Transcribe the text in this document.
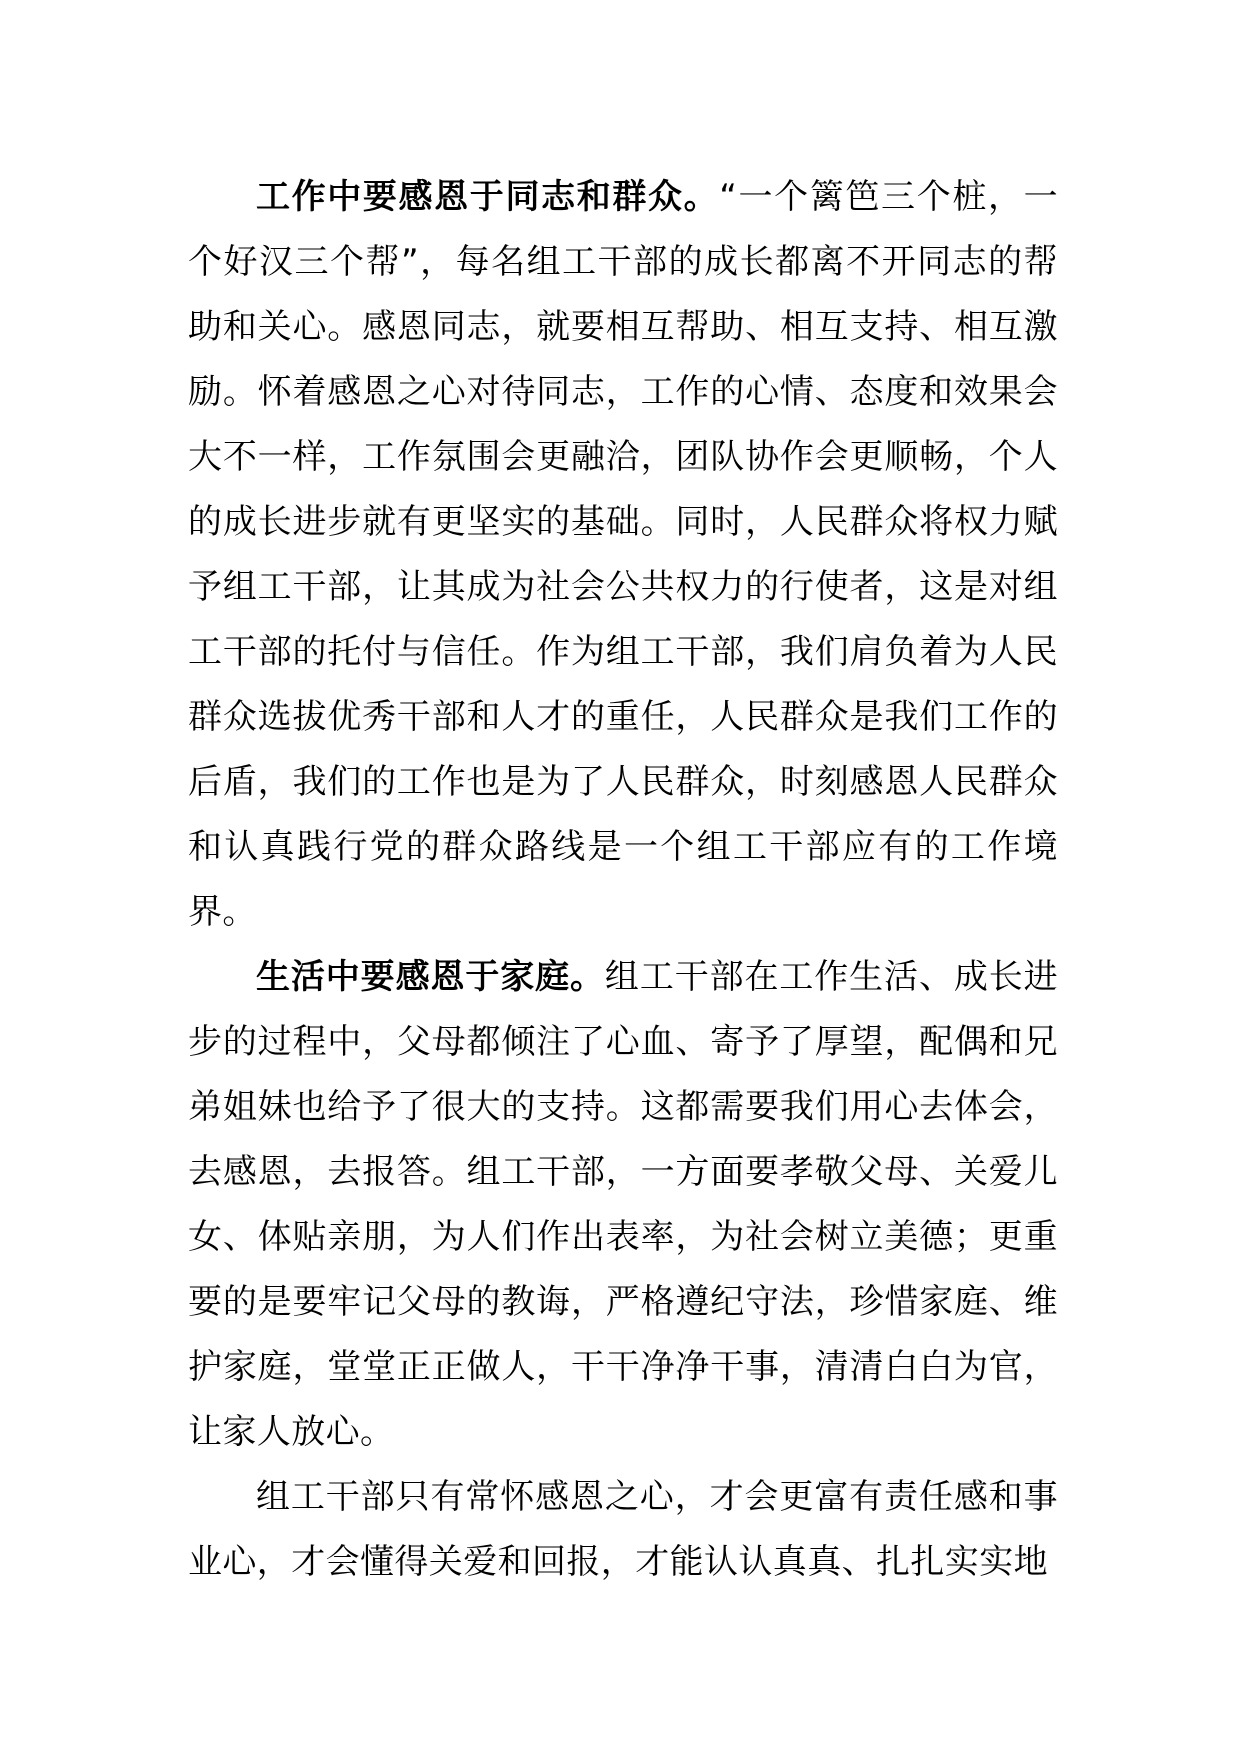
工作中要感恩于同志和群众。“一个篱笆三个桩，一个好汉三个帮”，每名组工干部的成长都离不开同志的帮助和关心。感恩同志，就要相互帮助、相互支持、相互激励。怀着感恩之心对待同志，工作的心情、态度和效果会大不一样，工作氛围会更融洽，团队协作会更顺畅，个人的成长进步就有更坚实的基础。同时，人民群众将权力赋予组工干部，让其成为社会公共权力的行使者，这是对组工干部的托付与信任。作为组工干部，我们肩负着为人民群众选拔优秀干部和人才的重任，人民群众是我们工作的后盾，我们的工作也是为了人民群众，时刻感恩人民群众和认真践行党的群众路线是一个组工干部应有的工作境界。

生活中要感恩于家庭。组工干部在工作生活、成长进步的过程中，父母都倾注了心血、寄予了厚望，配偶和兄弟姐妹也给予了很大的支持。这都需要我们用心去体会，去感恩，去报答。组工干部，一方面要孝敬父母、关爱儿女、体贴亲朋，为人们作出表率，为社会树立美德；更重要的是要牢记父母的教诲，严格遵纪守法，珍惜家庭、维护家庭，堂堂正正做人，干干净净干事，清清白白为官，让家人放心。

组工干部只有常怀感恩之心，才会更富有责任感和事业心，才会懂得关爱和回报，才能认认真真、扎扎实实地
